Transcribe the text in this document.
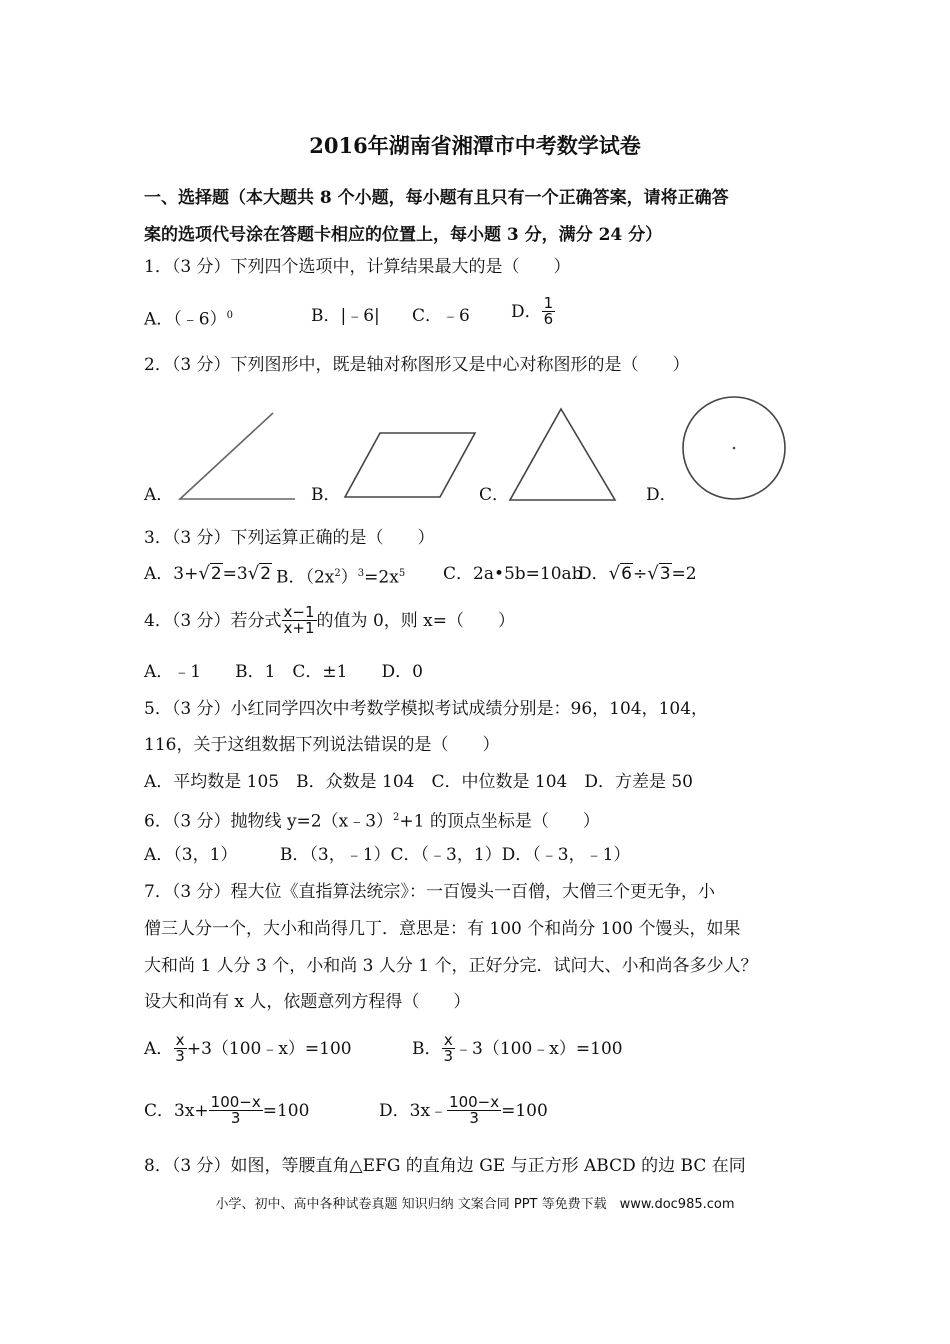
2016年湖南省湘潭市中考数学试卷
一、选择题（本大题共 8 个小题，每小题有且只有一个正确答案，请将正确答
案的选项代号涂在答题卡相应的位置上，每小题 3 分，满分 24 分）
1．（3 分）下列四个选项中，计算结果最大的是（　　）
A．（﹣6）$^0$	B．|﹣6| C．﹣6 D． $\frac{1}{6}$
2．（3 分）下列图形中，既是轴对称图形又是中心对称图形的是（　　）
A．	B．	C．	D．
3．（3 分）下列运算正确的是（　　）
A．3+√2=3√2 B．$(2x^2)^3=2x^5$ C．2a•5b=10ab
D．√6÷√3=2
4．（3 分）若分式 $\frac{x-1}{x+1}$ 的值为 0，则 x=（　　）
A．﹣1　　B．1　C．±1　　D．0
5．（3 分）小红同学四次中考数学模拟考试成绩分别是：96，104，104，
116，关于这组数据下列说法错误的是（　　）
A．平均数是 105　B．众数是 104　C．中位数是 104　D．方差是 50
6．（3 分）抛物线 y=2（x﹣3）$^2$+1 的顶点坐标是（　　）
A．（3，1）　　　B．（3，﹣1）C．（﹣3，1）D．（﹣3，﹣1）
7．（3 分）程大位《直指算法统宗》：一百馒头一百僧，大僧三个更无争，小
僧三人分一个，大小和尚得几丁．意思是：有 100 个和尚分 100 个馒头，如果
大和尚 1 人分 3 个，小和尚 3 人分 1 个，正好分完．试问大、小和尚各多少人？
设大和尚有 x 人，依题意列方程得（　　）
A． $\frac{x}{3}$ +3（100﹣x）=100	B． $\frac{x}{3}$ ﹣3（100﹣x）=100
C．$3x+ \frac{100-x}{3} =100$	D．3x﹣ $\frac{100-x}{3} =100$
8．（3 分）如图，等腰直角△EFG 的直角边 GE 与正方形 ABCD 的边 BC 在同
小学、初中、高中各种试卷真题 知识归纳 文案合同 PPT 等免费下载　www.doc985.com
